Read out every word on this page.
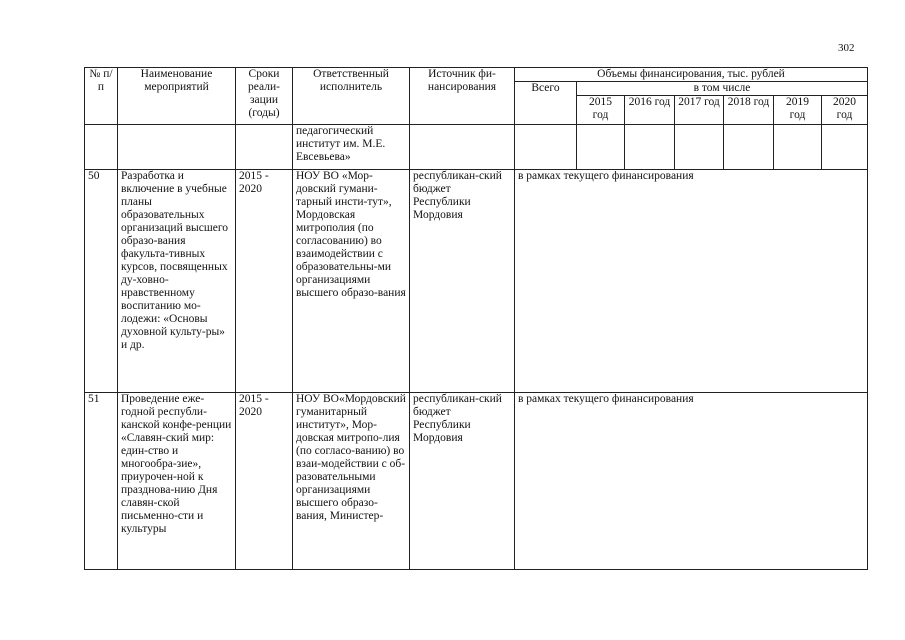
302
№ п/п	Наименование мероприятий	Сроки реали-зации (годы)	Ответственный исполнитель	Источник фи-нансирования	Объемы финансирования, тыс. рублей						
					Всего	в том числе					
						2015 год	2016 год	2017 год	2018 год	2019 год	2020 год
			педагогический институт им. М.Е. Евсевьева»								
50	Разработка и включение в учебные планы образовательных организаций высшего образо-вания факульта-тивных курсов, посвященных ду-ховно-нравственному воспитанию мо-лодежи: «Основы духовной культу-ры» и др.	2015 - 2020	НОУ ВО «Мор-довский гумани-тарный инсти-тут», Мордовская митрополия (по согласованию) во взаимодействии с образовательны-ми организациями высшего образо-вания	республикан-ский бюджет Республики Мордовия	в рамках текущего финансирования						
51	Проведение еже-годной республи-канской конфе-ренции «Славян-ский мир: един-ство и многообра-зие», приурочен-ной к празднова-нию Дня славян-ской письменно-сти и культуры	2015 - 2020	НОУ ВО«Мордовский гуманитарный институт», Мор-довская митропо-лия (по согласо-ванию) во взаи-модействии с об-разовательными организациями высшего образо-вания, Министер-	республикан-ский бюджет Республики Мордовия	в рамках текущего финансирования						
